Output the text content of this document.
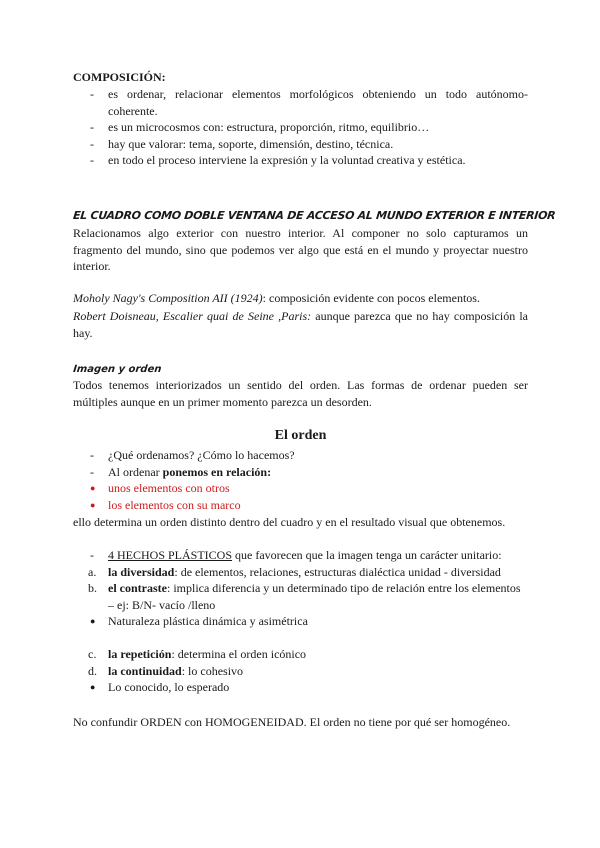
COMPOSICIÓN:
- es ordenar, relacionar elementos morfológicos obteniendo un todo autónomo-coherente.
- es un microcosmos con: estructura, proporción, ritmo, equilibrio…
- hay que valorar: tema, soporte, dimensión, destino, técnica.
- en todo el proceso interviene la expresión y la voluntad creativa y estética.
EL CUADRO COMO DOBLE VENTANA DE ACCESO AL MUNDO EXTERIOR E INTERIOR
Relacionamos algo exterior con nuestro interior. Al componer no solo capturamos un fragmento del mundo, sino que podemos ver algo que está en el mundo y proyectar nuestro interior.
Moholy Nagy's Composition AII (1924): composición evidente con pocos elementos.
Robert Doisneau, Escalier quai de Seine ,Paris: aunque parezca que no hay composición la hay.
Imagen y orden
Todos tenemos interiorizados un sentido del orden. Las formas de ordenar pueden ser múltiples aunque en un primer momento parezca un desorden.
El orden
- ¿Qué ordenamos? ¿Cómo lo hacemos?
- Al ordenar ponemos en relación:
● unos elementos con otros
● los elementos con su marco
ello determina un orden distinto dentro del cuadro y en el resultado visual que obtenemos.
- 4 HECHOS PLÁSTICOS que favorecen que la imagen tenga un carácter unitario:
a. la diversidad: de elementos, relaciones, estructuras dialéctica unidad - diversidad
b. el contraste: implica diferencia y un determinado tipo de relación entre los elementos – ej: B/N- vacío /lleno
● Naturaleza plástica dinámica y asimétrica
c. la repetición: determina el orden icónico
d. la continuidad: lo cohesivo
● Lo conocido, lo esperado
No confundir ORDEN con HOMOGENEIDAD. El orden no tiene por qué ser homogéneo.
